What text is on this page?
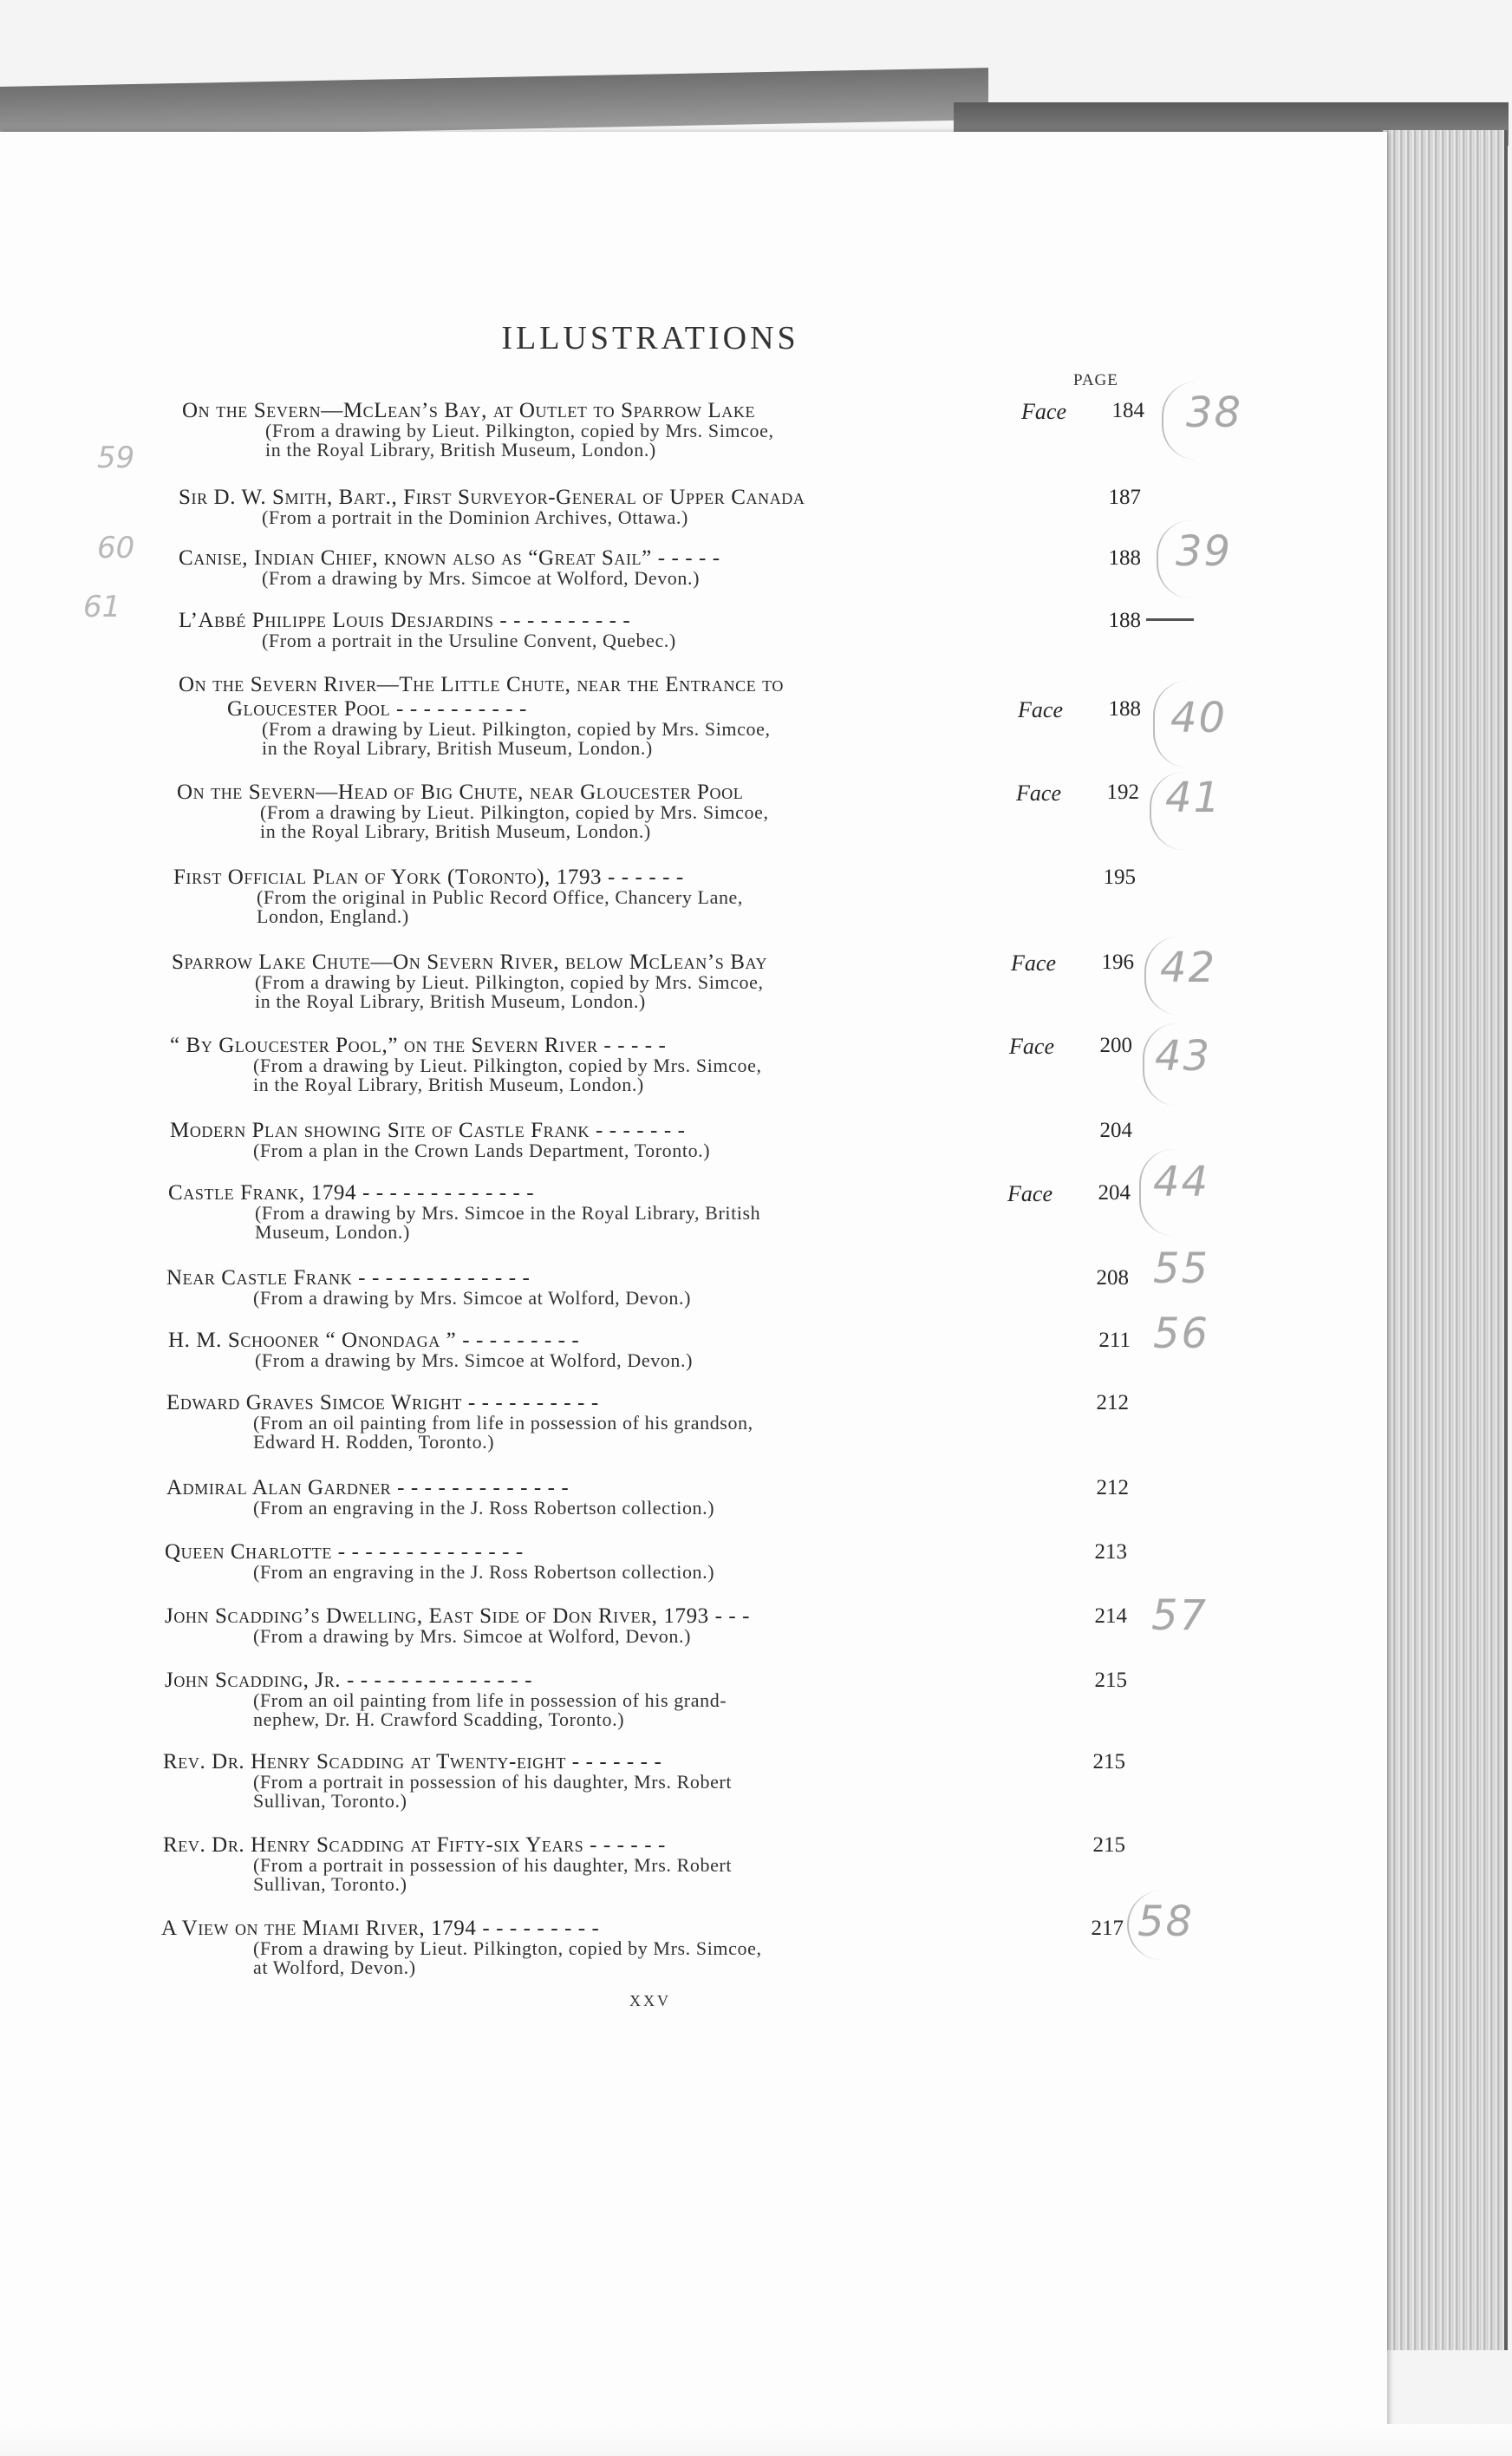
ILLUSTRATIONS
PAGE
On the Severn—McLean’s Bay, at Outlet to Sparrow Lake	Face	184
(From a drawing by Lieut. Pilkington, copied by Mrs. Simcoe,
in the Royal Library, British Museum, London.)
Sir D. W. Smith, Bart., First Surveyor-General of Upper Canada	187
(From a portrait in the Dominion Archives, Ottawa.)
Canise, Indian Chief, known also as “Great Sail” - - - - -	188
(From a drawing by Mrs. Simcoe at Wolford, Devon.)
L’Abbé Philippe Louis Desjardins - - - - - - - - - -	188
(From a portrait in the Ursuline Convent, Quebec.)
On the Severn River—The Little Chute, near the Entrance to
Gloucester Pool - - - - - - - - - -	Face	188
(From a drawing by Lieut. Pilkington, copied by Mrs. Simcoe,
in the Royal Library, British Museum, London.)
On the Severn—Head of Big Chute, near Gloucester Pool	Face	192
(From a drawing by Lieut. Pilkington, copied by Mrs. Simcoe,
in the Royal Library, British Museum, London.)
First Official Plan of York (Toronto), 1793 - - - - - -	195
(From the original in Public Record Office, Chancery Lane,
London, England.)
Sparrow Lake Chute—On Severn River, below McLean’s Bay	Face	196
(From a drawing by Lieut. Pilkington, copied by Mrs. Simcoe,
in the Royal Library, British Museum, London.)
“ By Gloucester Pool,” on the Severn River - - - - -	Face	200
(From a drawing by Lieut. Pilkington, copied by Mrs. Simcoe,
in the Royal Library, British Museum, London.)
Modern Plan showing Site of Castle Frank - - - - - - -	204
(From a plan in the Crown Lands Department, Toronto.)
Castle Frank, 1794 - - - - - - - - - - - - -	Face	204
(From a drawing by Mrs. Simcoe in the Royal Library, British
Museum, London.)
Near Castle Frank - - - - - - - - - - - - -	208
(From a drawing by Mrs. Simcoe at Wolford, Devon.)
H. M. Schooner “ Onondaga ” - - - - - - - - -	211
(From a drawing by Mrs. Simcoe at Wolford, Devon.)
Edward Graves Simcoe Wright - - - - - - - - - -	212
(From an oil painting from life in possession of his grandson,
Edward H. Rodden, Toronto.)
Admiral Alan Gardner - - - - - - - - - - - - -	212
(From an engraving in the J. Ross Robertson collection.)
Queen Charlotte - - - - - - - - - - - - - -	213
(From an engraving in the J. Ross Robertson collection.)
John Scadding’s Dwelling, East Side of Don River, 1793 - - -	214
(From a drawing by Mrs. Simcoe at Wolford, Devon.)
John Scadding, Jr. - - - - - - - - - - - - - -	215
(From an oil painting from life in possession of his grand-
nephew, Dr. H. Crawford Scadding, Toronto.)
Rev. Dr. Henry Scadding at Twenty-eight - - - - - - -	215
(From a portrait in possession of his daughter, Mrs. Robert
Sullivan, Toronto.)
Rev. Dr. Henry Scadding at Fifty-six Years - - - - - -	215
(From a portrait in possession of his daughter, Mrs. Robert
Sullivan, Toronto.)
A View on the Miami River, 1794 - - - - - - - - -	217
(From a drawing by Lieut. Pilkington, copied by Mrs. Simcoe,
at Wolford, Devon.)
xxv
38
39
40
41
42
43
44
55
56
57
58
59
60
61
